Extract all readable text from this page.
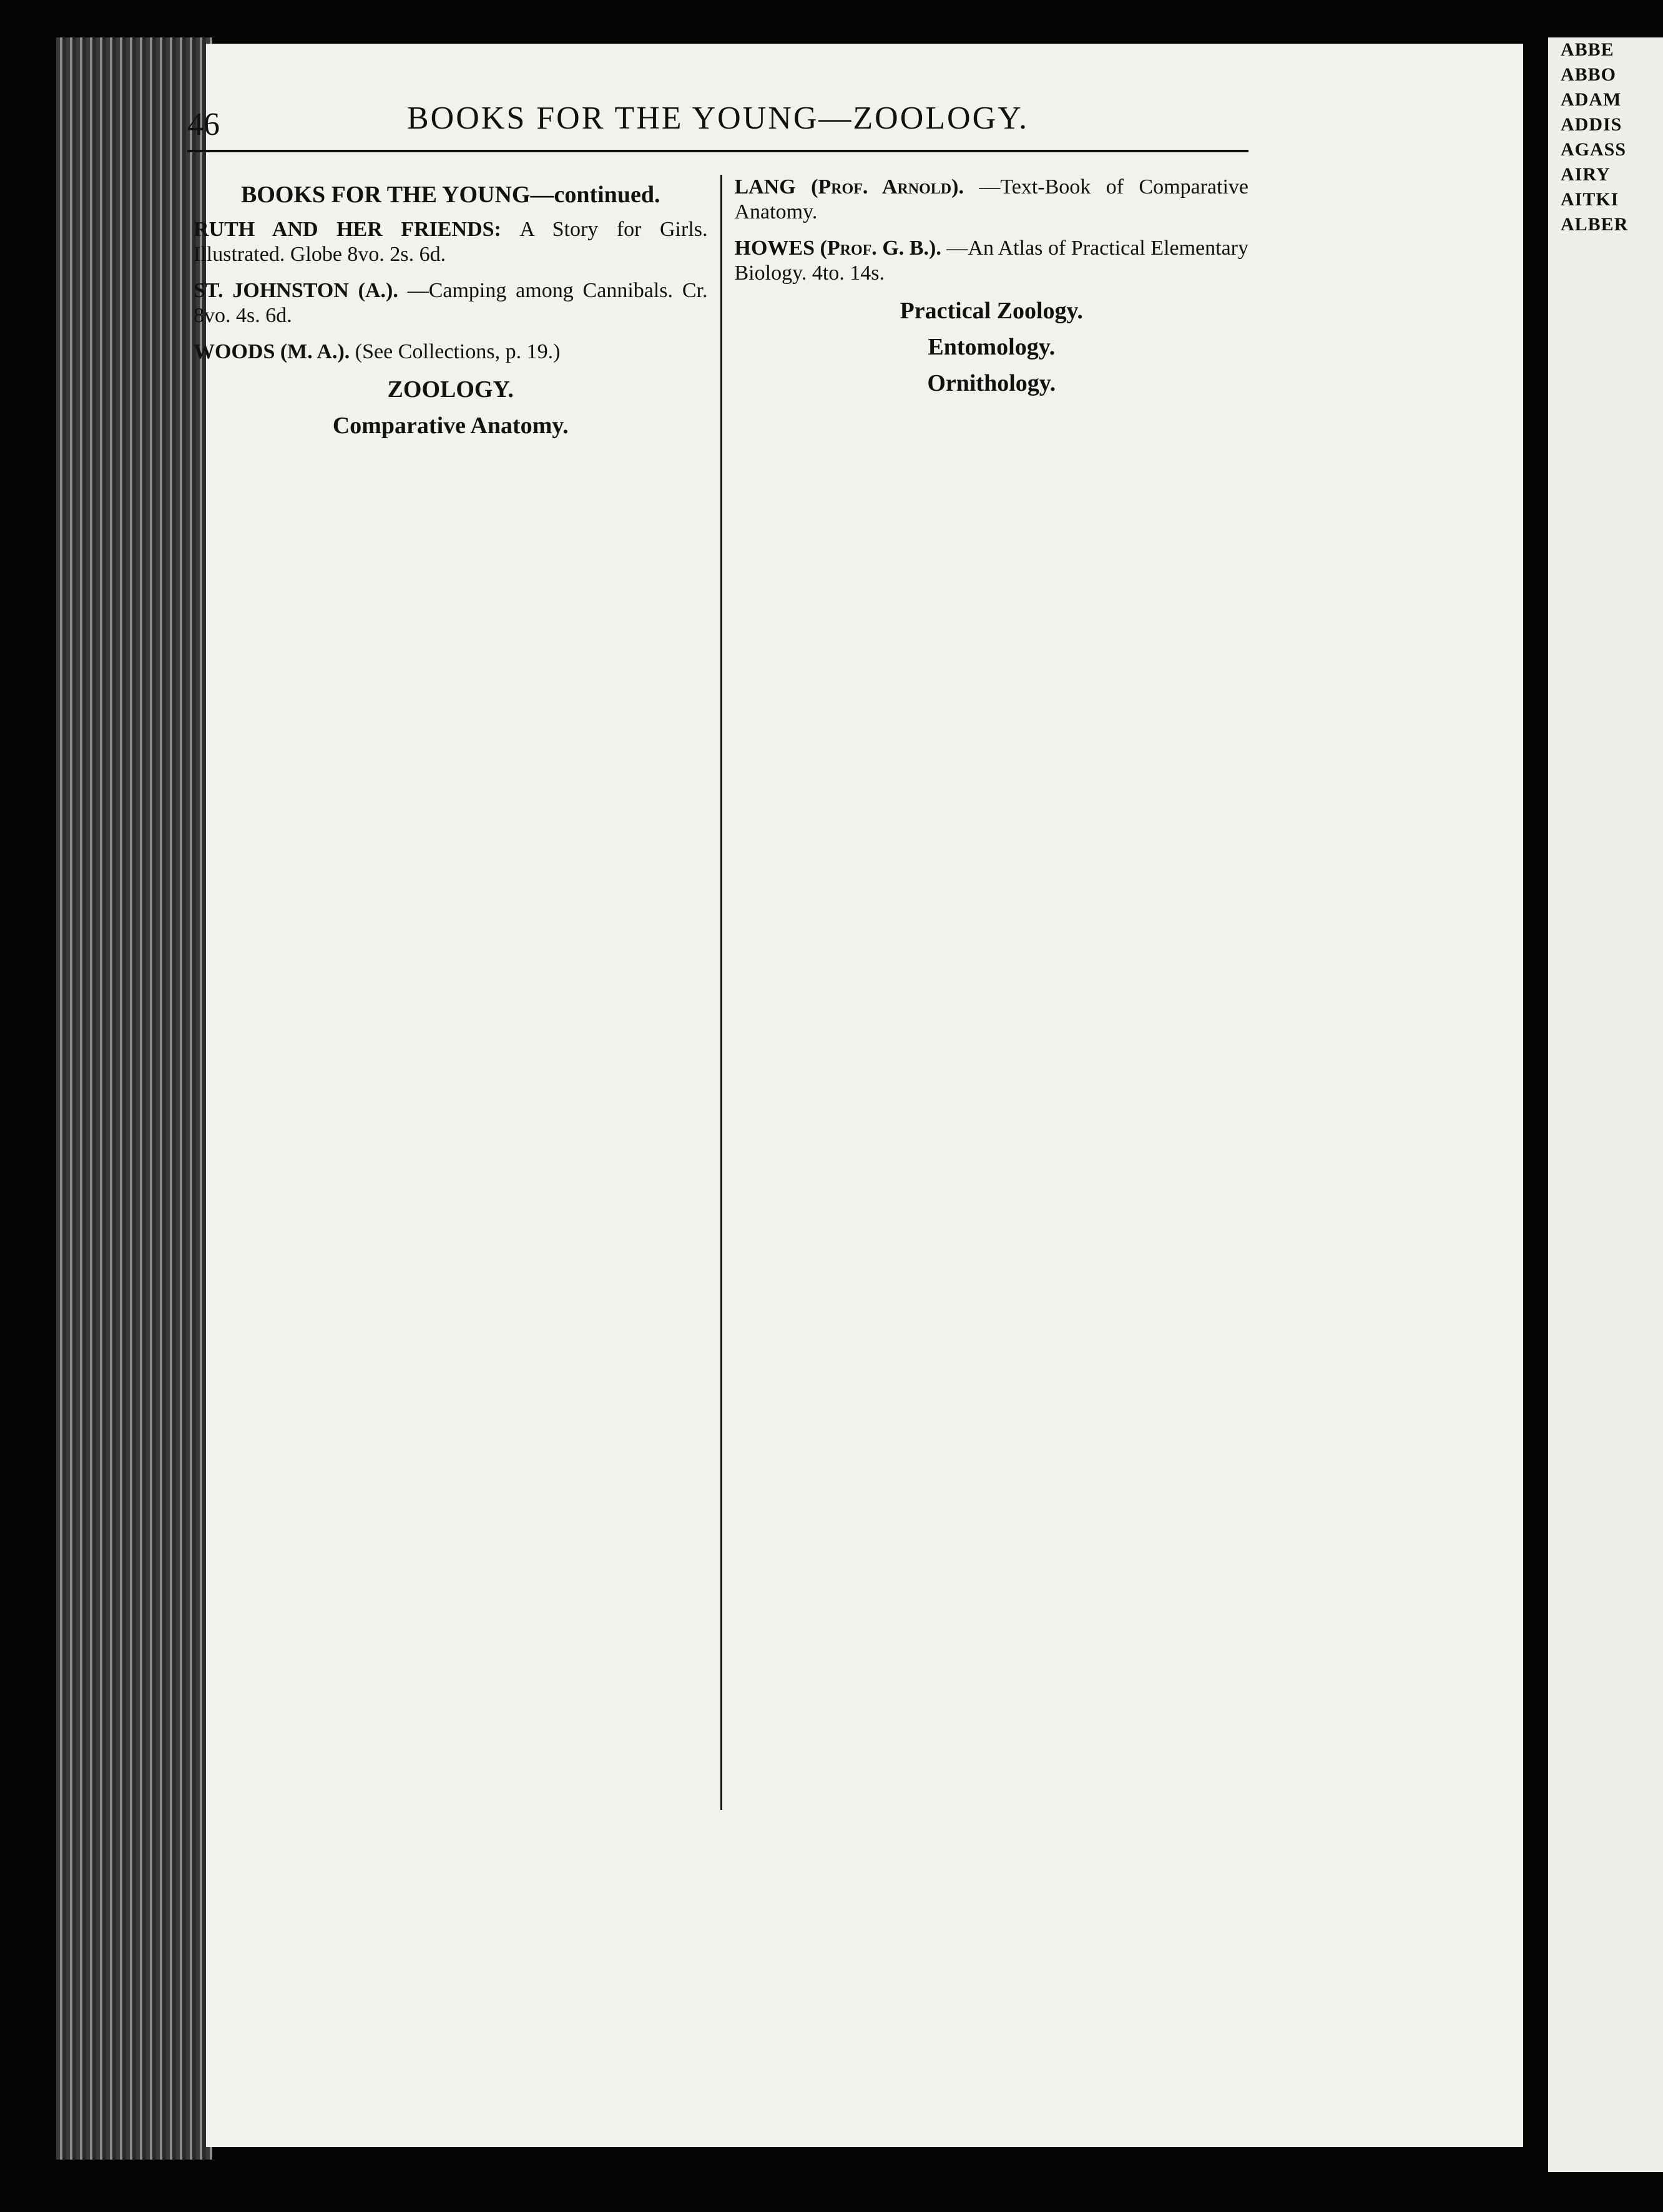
ABBE
ABBO
ADAM
ADDIS
AGASS
AIRY
AITKI
ALBER
46	BOOKS FOR THE YOUNG—ZOOLOGY.
BOOKS FOR THE YOUNG—continued.
RUTH AND HER FRIENDS: A Story for Girls. Illustrated. Globe 8vo. 2s. 6d.
ST. JOHNSTON (A.). —Camping among Cannibals. Cr. 8vo. 4s. 6d.
WOODS (M. A.). (See Collections, p. 19.)
ZOOLOGY.
Comparative Anatomy.
LANG (Prof. Arnold). —Text-Book of Comparative Anatomy.
HOWES (Prof. G. B.). —An Atlas of Practical Elementary Biology. 4to. 14s.
Practical Zoology.
Entomology.
Ornithology.
